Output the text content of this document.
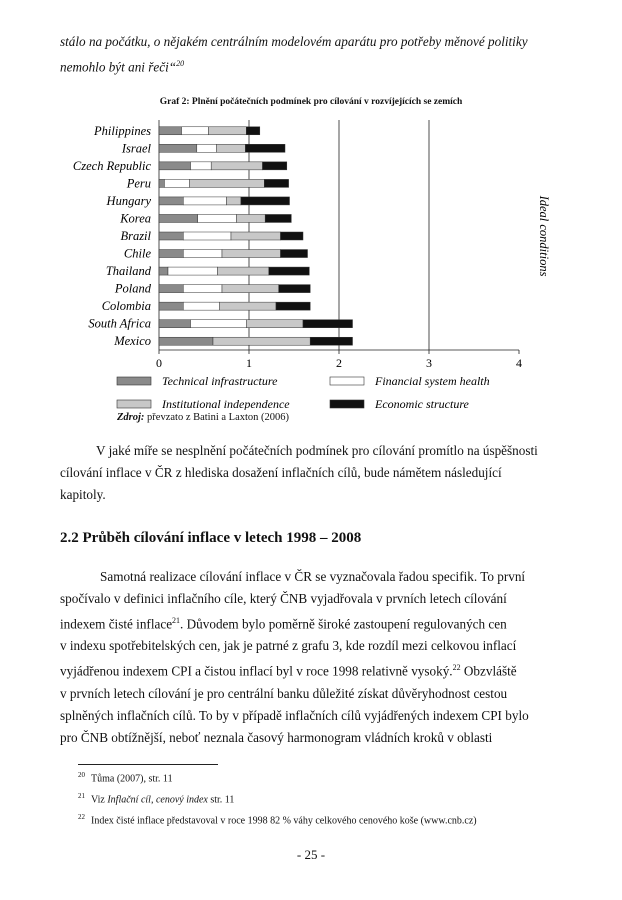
stálo na počátku, o nějakém centrálním modelovém aparátu pro potřeby měnové politiky
nemohlo být ani řeči“$^{20}$
Graf 2: Plnění počátečních podmínek pro cílování v rozvíjejících se zemích
0	1	2	3	4
Philippines
Israel
Czech Republic
Peru
Hungary
Korea
Brazil
Chile
Thailand
Poland
Colombia
South Africa
Mexico
Ideal conditions
Technical infrastructure	Financial system health
Institutional independence	Economic structure
Zdroj: převzato z Batini a Laxton (2006)
V jaké míře se nesplnění počátečních podmínek pro cílování promítlo na úspěšnosti
cílování inflace v ČR z hlediska dosažení inflačních cílů, bude námětem následující
kapitoly.
2.2 Průběh cílování inflace v letech 1998 – 2008
Samotná realizace cílování inflace v ČR se vyznačovala řadou specifik. To první
spočívalo v definici inflačního cíle, který ČNB vyjadřovala v prvních letech cílování
indexem čisté inflace$^{21}$. Důvodem bylo poměrně široké zastoupení regulovaných cen
v indexu spotřebitelských cen, jak je patrné z grafu 3, kde rozdíl mezi celkovou inflací
vyjádřenou indexem CPI a čistou inflací byl v roce 1998 relativně vysoký.$^{22}$ Obzvláště
v prvních letech cílování je pro centrální banku důležité získat důvěryhodnost cestou
splněných inflačních cílů. To by v případě inflačních cílů vyjádřených indexem CPI bylo
pro ČNB obtížnější, neboť neznala časový harmonogram vládních kroků v oblasti
$^{20}$ Tůma (2007), str. 11
$^{21}$ Viz Inflační cíl, cenový index str. 11
$^{22}$ Index čisté inflace představoval v roce 1998 82 % váhy celkového cenového koše (www.cnb.cz)
- 25 -
